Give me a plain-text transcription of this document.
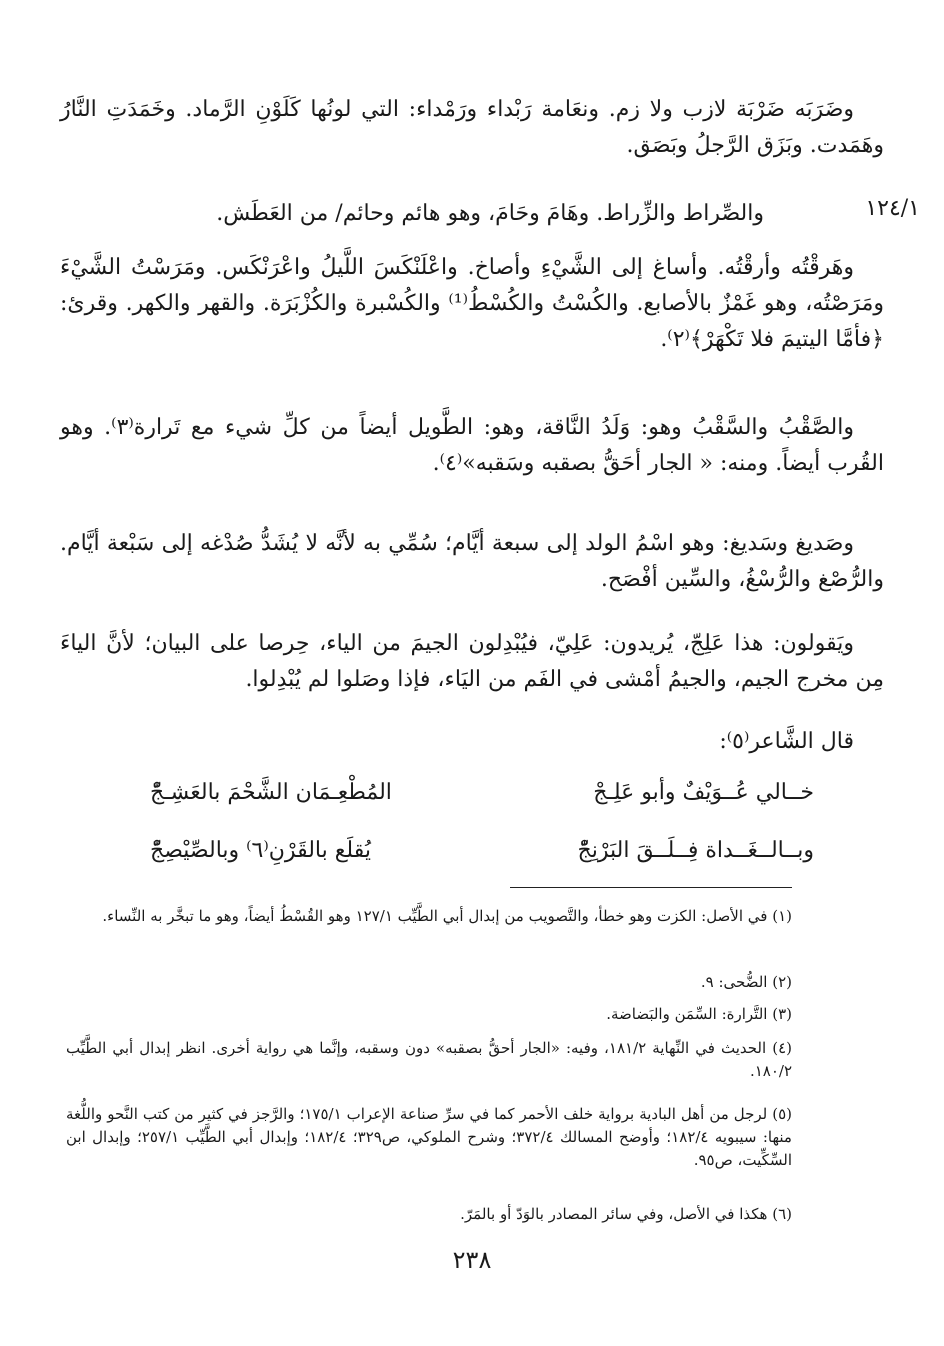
١٢٤/١

وضَرَبَه ضَرْبَة لازب ولا زم. ونعَامة رَبْداء ورَمْداء: التي لونُها كَلَوْنِ الرَّماد. وخَمَدَتِ النَّارُ وهَمَدت. وبَزَق الرَّجلُ وبَصَق.

والصِّراط والزِّراط. وهَامَ وحَامَ، وهو هائم وحائم/ من العَطَش.

وهَرقْتُه وأرقْتُه. وأساغ إلى الشَّيْءِ وأصاخ. واعْلَنْكَسَ اللَّيلُ واعْرَنْكَس. ومَرَسْتُ الشَّيْءَ ومَرَصْتُه، وهو غَمْزٌ بالأصابع. والكُسْتُ والكُسْطُ⁽¹⁾ والكُسْبرة والكُزْبَرَة. والقهر والكهر. وقرئ: ﴿فأمَّا اليتيمَ فلا تَكْهَرْ﴾⁽٢⁾.

والصَّقْبُ والسَّقْبُ وهو: وَلَدُ النَّاقة، وهو: الطَّويل أيضاً من كلِّ شيء مع تَرارة⁽٣⁾. وهو القُرب أيضاً. ومنه: « الجار أحَقُّ بصقبه وسَقبه»⁽٤⁾.

وصَديغ وسَديغ: وهو اسْمُ الولد إلى سبعة أيَّام؛ سُمِّي به لأنَّه لا يُشَدُّ صُدْغه إلى سَبْعة أيَّام. والرُّصْغ والرُّسْغُ، والسِّين أفْصَح.

ويَقولون: هذا عَلِجّ، يُريدون: عَلِيّ، فيُبْدِلون الجيمَ من الياء، حِرصا على البيان؛ لأنَّ الياءَ مِن مخرج الجيم، والجيمُ أمْشى في الفَم من اليَاء، فإذا وصَلوا لم يُبْدِلوا.

قال الشَّاعر⁽٥⁾:

خــالي عُــوَيْفٌ وأبو عَلِـجْ
المُطْعِـمَان الشَّحْمَ بالعَشِـجّْ
وبــالــغَــداة فِــلَــقَ البَرْنِجّْ
يُقلَع بالقَرْنِ⁽٦⁾ وبالصِّيْصِجّْ

(١) في الأصل: الكزت وهو خطأ، والتَّصويب من إبدال أبي الطَّيِّب ١٢٧/١ وهو القُسْطُ أيضاً، وهو ما تبخَّر به النِّساء.

(٢) الضُّحى: ٩.

(٣) التَّرارة: السِّمَن والبَضاضة.

(٤) الحديث في النِّهاية ١٨١/٢، وفيه: «الجار أحقُّ بصقبه» دون وسقبه، وإنَّما هي رواية أخرى. انظر إبدال أبي الطَّيِّب ١٨٠/٢.

(٥) لرجل من أهل البادية برواية خلف الأحمر كما في سرِّ صناعة الإعراب ١٧٥/١؛ والرَّجز في كثير من كتب النَّحو واللُّغة منها: سيبويه ١٨٢/٤؛ وأوضح المسالك ٣٧٢/٤؛ وشرح الملوكي، ص٣٢٩؛ ١٨٢/٤؛ وإبدال أبي الطَّيِّب ٢٥٧/١؛ وإبدال ابن السِّكِّيت، ص٩٥.

(٦) هكذا في الأصل، وفي سائر المصادر بالوَدّ أو بالمَرّ.

٢٣٨
